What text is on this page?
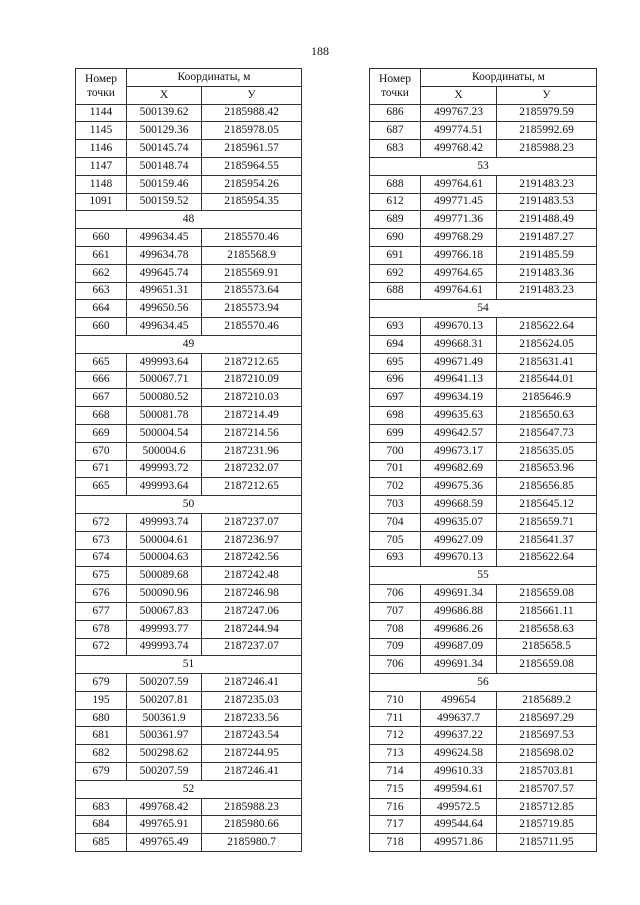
188
Номер
точки	Координаты, м	
	X	У
1144	500139.62	2185988.42
1145	500129.36	2185978.05
1146	500145.74	2185961.57
1147	500148.74	2185964.55
1148	500159.46	2185954.26
1091	500159.52	2185954.35
48		
660	499634.45	2185570.46
661	499634.78	2185568.9
662	499645.74	2185569.91
663	499651.31	2185573.64
664	499650.56	2185573.94
660	499634.45	2185570.46
49		
665	499993.64	2187212.65
666	500067.71	2187210.09
667	500080.52	2187210.03
668	500081.78	2187214.49
669	500004.54	2187214.56
670	500004.6	2187231.96
671	499993.72	2187232.07
665	499993.64	2187212.65
50		
672	499993.74	2187237.07
673	500004.61	2187236.97
674	500004.63	2187242.56
675	500089.68	2187242.48
676	500090.96	2187246.98
677	500067.83	2187247.06
678	499993.77	2187244.94
672	499993.74	2187237.07
51		
679	500207.59	2187246.41
195	500207.81	2187235.03
680	500361.9	2187233.56
681	500361.97	2187243.54
682	500298.62	2187244.95
679	500207.59	2187246.41
52		
683	499768.42	2185988.23
684	499765.91	2185980.66
685	499765.49	2185980.7
Номер
точки	Координаты, м	
	X	У
686	499767.23	2185979.59
687	499774.51	2185992.69
683	499768.42	2185988.23
53		
688	499764.61	2191483.23
612	499771.45	2191483.53
689	499771.36	2191488.49
690	499768.29	2191487.27
691	499766.18	2191485.59
692	499764.65	2191483.36
688	499764.61	2191483.23
54		
693	499670.13	2185622.64
694	499668.31	2185624.05
695	499671.49	2185631.41
696	499641.13	2185644.01
697	499634.19	2185646.9
698	499635.63	2185650.63
699	499642.57	2185647.73
700	499673.17	2185635.05
701	499682.69	2185653.96
702	499675.36	2185656.85
703	499668.59	2185645.12
704	499635.07	2185659.71
705	499627.09	2185641.37
693	499670.13	2185622.64
55		
706	499691.34	2185659.08
707	499686.88	2185661.11
708	499686.26	2185658.63
709	499687.09	2185658.5
706	499691.34	2185659.08
56		
710	499654	2185689.2
711	499637.7	2185697.29
712	499637.22	2185697.53
713	499624.58	2185698.02
714	499610.33	2185703.81
715	499594.61	2185707.57
716	499572.5	2185712.85
717	499544.64	2185719.85
718	499571.86	2185711.95
